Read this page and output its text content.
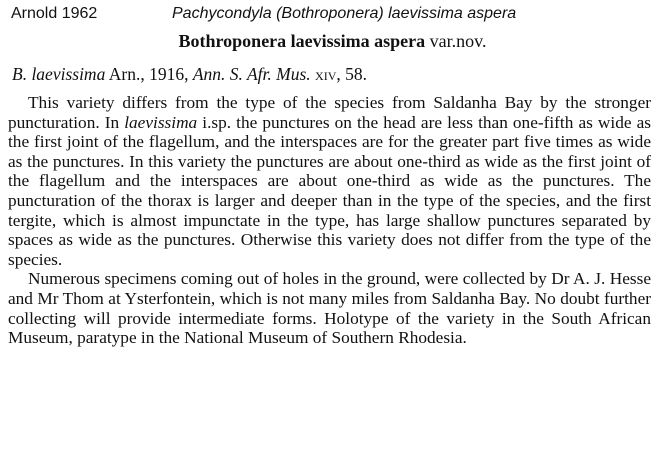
Arnold 1962	Pachycondyla (Bothroponera) laevissima aspera
Bothroponera laevissima aspera var.nov.
B. laevissima Arn., 1916, Ann. S. Afr. Mus. xiv, 58.

This variety differs from the type of the species from Saldanha Bay by the stronger puncturation. In laevissima i.sp. the punctures on the head are less than one-fifth as wide as the first joint of the flagellum, and the interspaces are for the greater part five times as wide as the punctures. In this variety the punctures are about one-third as wide as the first joint of the flagellum and the interspaces are about one-third as wide as the punctures. The puncturation of the thorax is larger and deeper than in the type of the species, and the first tergite, which is almost impunctate in the type, has large shallow punctures separated by spaces as wide as the punctures. Otherwise this variety does not differ from the type of the species.

Numerous specimens coming out of holes in the ground, were collected by Dr A. J. Hesse and Mr Thom at Ysterfontein, which is not many miles from Saldanha Bay. No doubt further collecting will provide intermediate forms. Holotype of the variety in the South African Museum, paratype in the National Museum of Southern Rhodesia.
